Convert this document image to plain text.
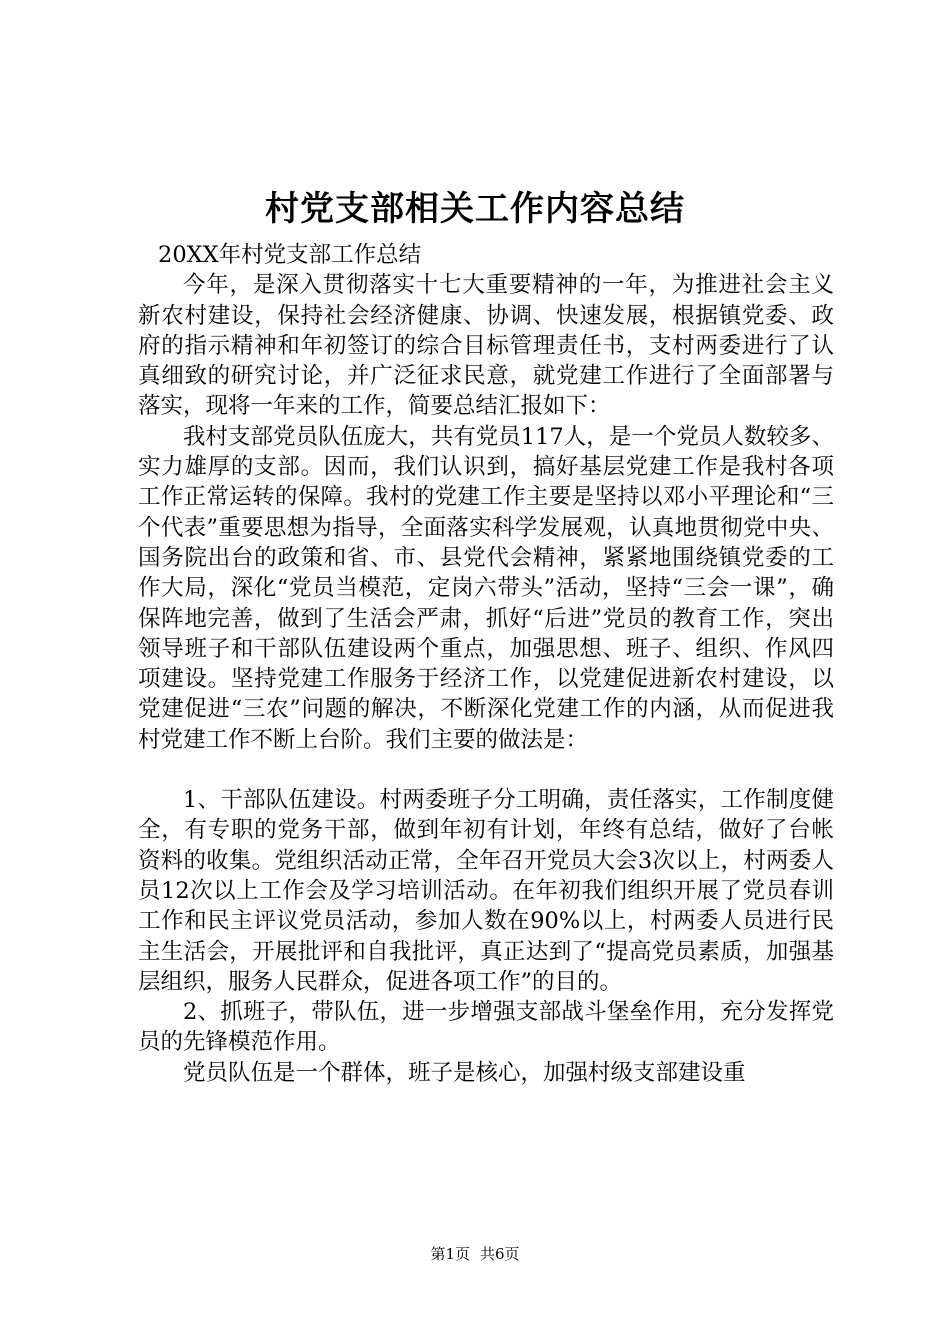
村党支部相关工作内容总结

20XX年村党支部工作总结

今年，是深入贯彻落实十七大重要精神的一年，为推进社会主义新农村建设，保持社会经济健康、协调、快速发展，根据镇党委、政府的指示精神和年初签订的综合目标管理责任书，支村两委进行了认真细致的研究讨论，并广泛征求民意，就党建工作进行了全面部署与落实，现将一年来的工作，简要总结汇报如下：

我村支部党员队伍庞大，共有党员117人，是一个党员人数较多、实力雄厚的支部。因而，我们认识到，搞好基层党建工作是我村各项工作正常运转的保障。我村的党建工作主要是坚持以邓小平理论和“三个代表”重要思想为指导，全面落实科学发展观，认真地贯彻党中央、国务院出台的政策和省、市、县党代会精神，紧紧地围绕镇党委的工作大局，深化“党员当模范，定岗六带头”活动，坚持“三会一课”，确保阵地完善，做到了生活会严肃，抓好“后进”党员的教育工作，突出领导班子和干部队伍建设两个重点，加强思想、班子、组织、作风四项建设。坚持党建工作服务于经济工作，以党建促进新农村建设，以党建促进“三农”问题的解决，不断深化党建工作的内涵，从而促进我村党建工作不断上台阶。我们主要的做法是：

1、干部队伍建设。村两委班子分工明确，责任落实，工作制度健全，有专职的党务干部，做到年初有计划，年终有总结，做好了台帐资料的收集。党组织活动正常，全年召开党员大会3次以上，村两委人员12次以上工作会及学习培训活动。在年初我们组织开展了党员春训工作和民主评议党员活动，参加人数在90%以上，村两委人员进行民主生活会，开展批评和自我批评，真正达到了“提高党员素质，加强基层组织，服务人民群众，促进各项工作”的目的。

2、抓班子，带队伍，进一步增强支部战斗堡垒作用，充分发挥党员的先锋模范作用。

党员队伍是一个群体，班子是核心，加强村级支部建设重

第1页 共6页
